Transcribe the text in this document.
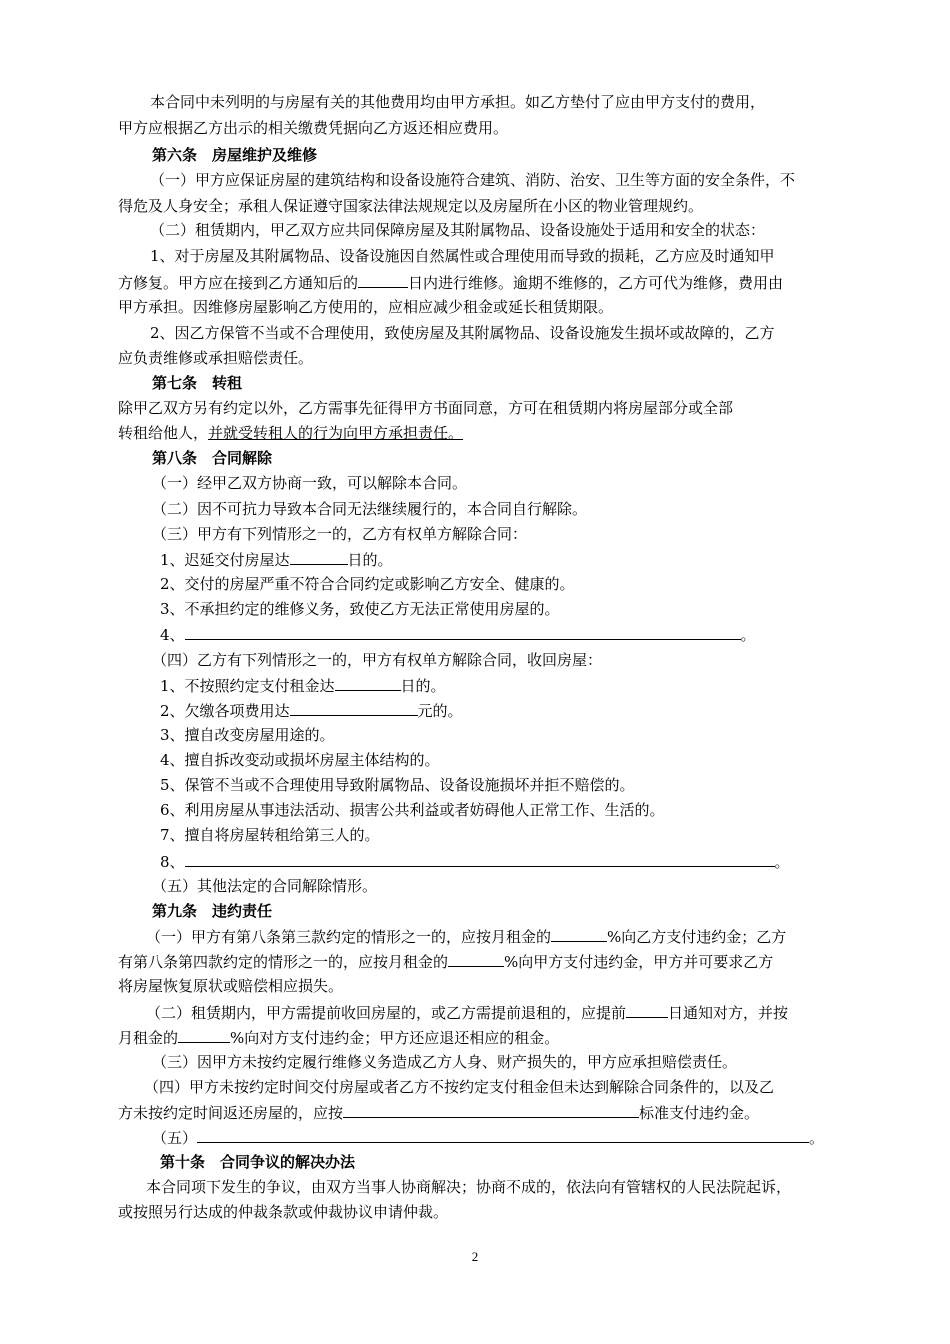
本合同中未列明的与房屋有关的其他费用均由甲方承担。如乙方垫付了应由甲方支付的费用，
甲方应根据乙方出示的相关缴费凭据向乙方返还相应费用。
第六条　房屋维护及维修
（一）甲方应保证房屋的建筑结构和设备设施符合建筑、消防、治安、卫生等方面的安全条件，不
得危及人身安全；承租人保证遵守国家法律法规规定以及房屋所在小区的物业管理规约。
（二）租赁期内，甲乙双方应共同保障房屋及其附属物品、设备设施处于适用和安全的状态：
1、对于房屋及其附属物品、设备设施因自然属性或合理使用而导致的损耗，乙方应及时通知甲
方修复。甲方应在接到乙方通知后的	日内进行维修。逾期不维修的，乙方可代为维修，费用由
甲方承担。因维修房屋影响乙方使用的，应相应减少租金或延长租赁期限。
2、因乙方保管不当或不合理使用，致使房屋及其附属物品、设备设施发生损坏或故障的，乙方
应负责维修或承担赔偿责任。
第七条　转租
除甲乙双方另有约定以外，乙方需事先征得甲方书面同意，方可在租赁期内将房屋部分或全部
转租给他人，并就受转租人的行为向甲方承担责任。
第八条　合同解除
（一）经甲乙双方协商一致，可以解除本合同。
（二）因不可抗力导致本合同无法继续履行的，本合同自行解除。
（三）甲方有下列情形之一的，乙方有权单方解除合同：
1、迟延交付房屋达	日的。
2、交付的房屋严重不符合合同约定或影响乙方安全、健康的。
3、不承担约定的维修义务，致使乙方无法正常使用房屋的。
4、	。
（四）乙方有下列情形之一的，甲方有权单方解除合同，收回房屋：
1、不按照约定支付租金达	日的。
2、欠缴各项费用达	元的。
3、擅自改变房屋用途的。
4、擅自拆改变动或损坏房屋主体结构的。
5、保管不当或不合理使用导致附属物品、设备设施损坏并拒不赔偿的。
6、利用房屋从事违法活动、损害公共利益或者妨碍他人正常工作、生活的。
7、擅自将房屋转租给第三人的。
8、	。
（五）其他法定的合同解除情形。
第九条　违约责任
（一）甲方有第八条第三款约定的情形之一的，应按月租金的	%向乙方支付违约金；乙方
有第八条第四款约定的情形之一的，应按月租金的	%向甲方支付违约金，甲方并可要求乙方
将房屋恢复原状或赔偿相应损失。
（二）租赁期内，甲方需提前收回房屋的，或乙方需提前退租的，应提前	日通知对方，并按
月租金的	%向对方支付违约金；甲方还应退还相应的租金。
（三）因甲方未按约定履行维修义务造成乙方人身、财产损失的，甲方应承担赔偿责任。
（四）甲方未按约定时间交付房屋或者乙方不按约定支付租金但未达到解除合同条件的，以及乙
方未按约定时间返还房屋的，应按	标准支付违约金。
（五）	。
第十条　合同争议的解决办法
本合同项下发生的争议，由双方当事人协商解决；协商不成的，依法向有管辖权的人民法院起诉，
或按照另行达成的仲裁条款或仲裁协议申请仲裁。
2
